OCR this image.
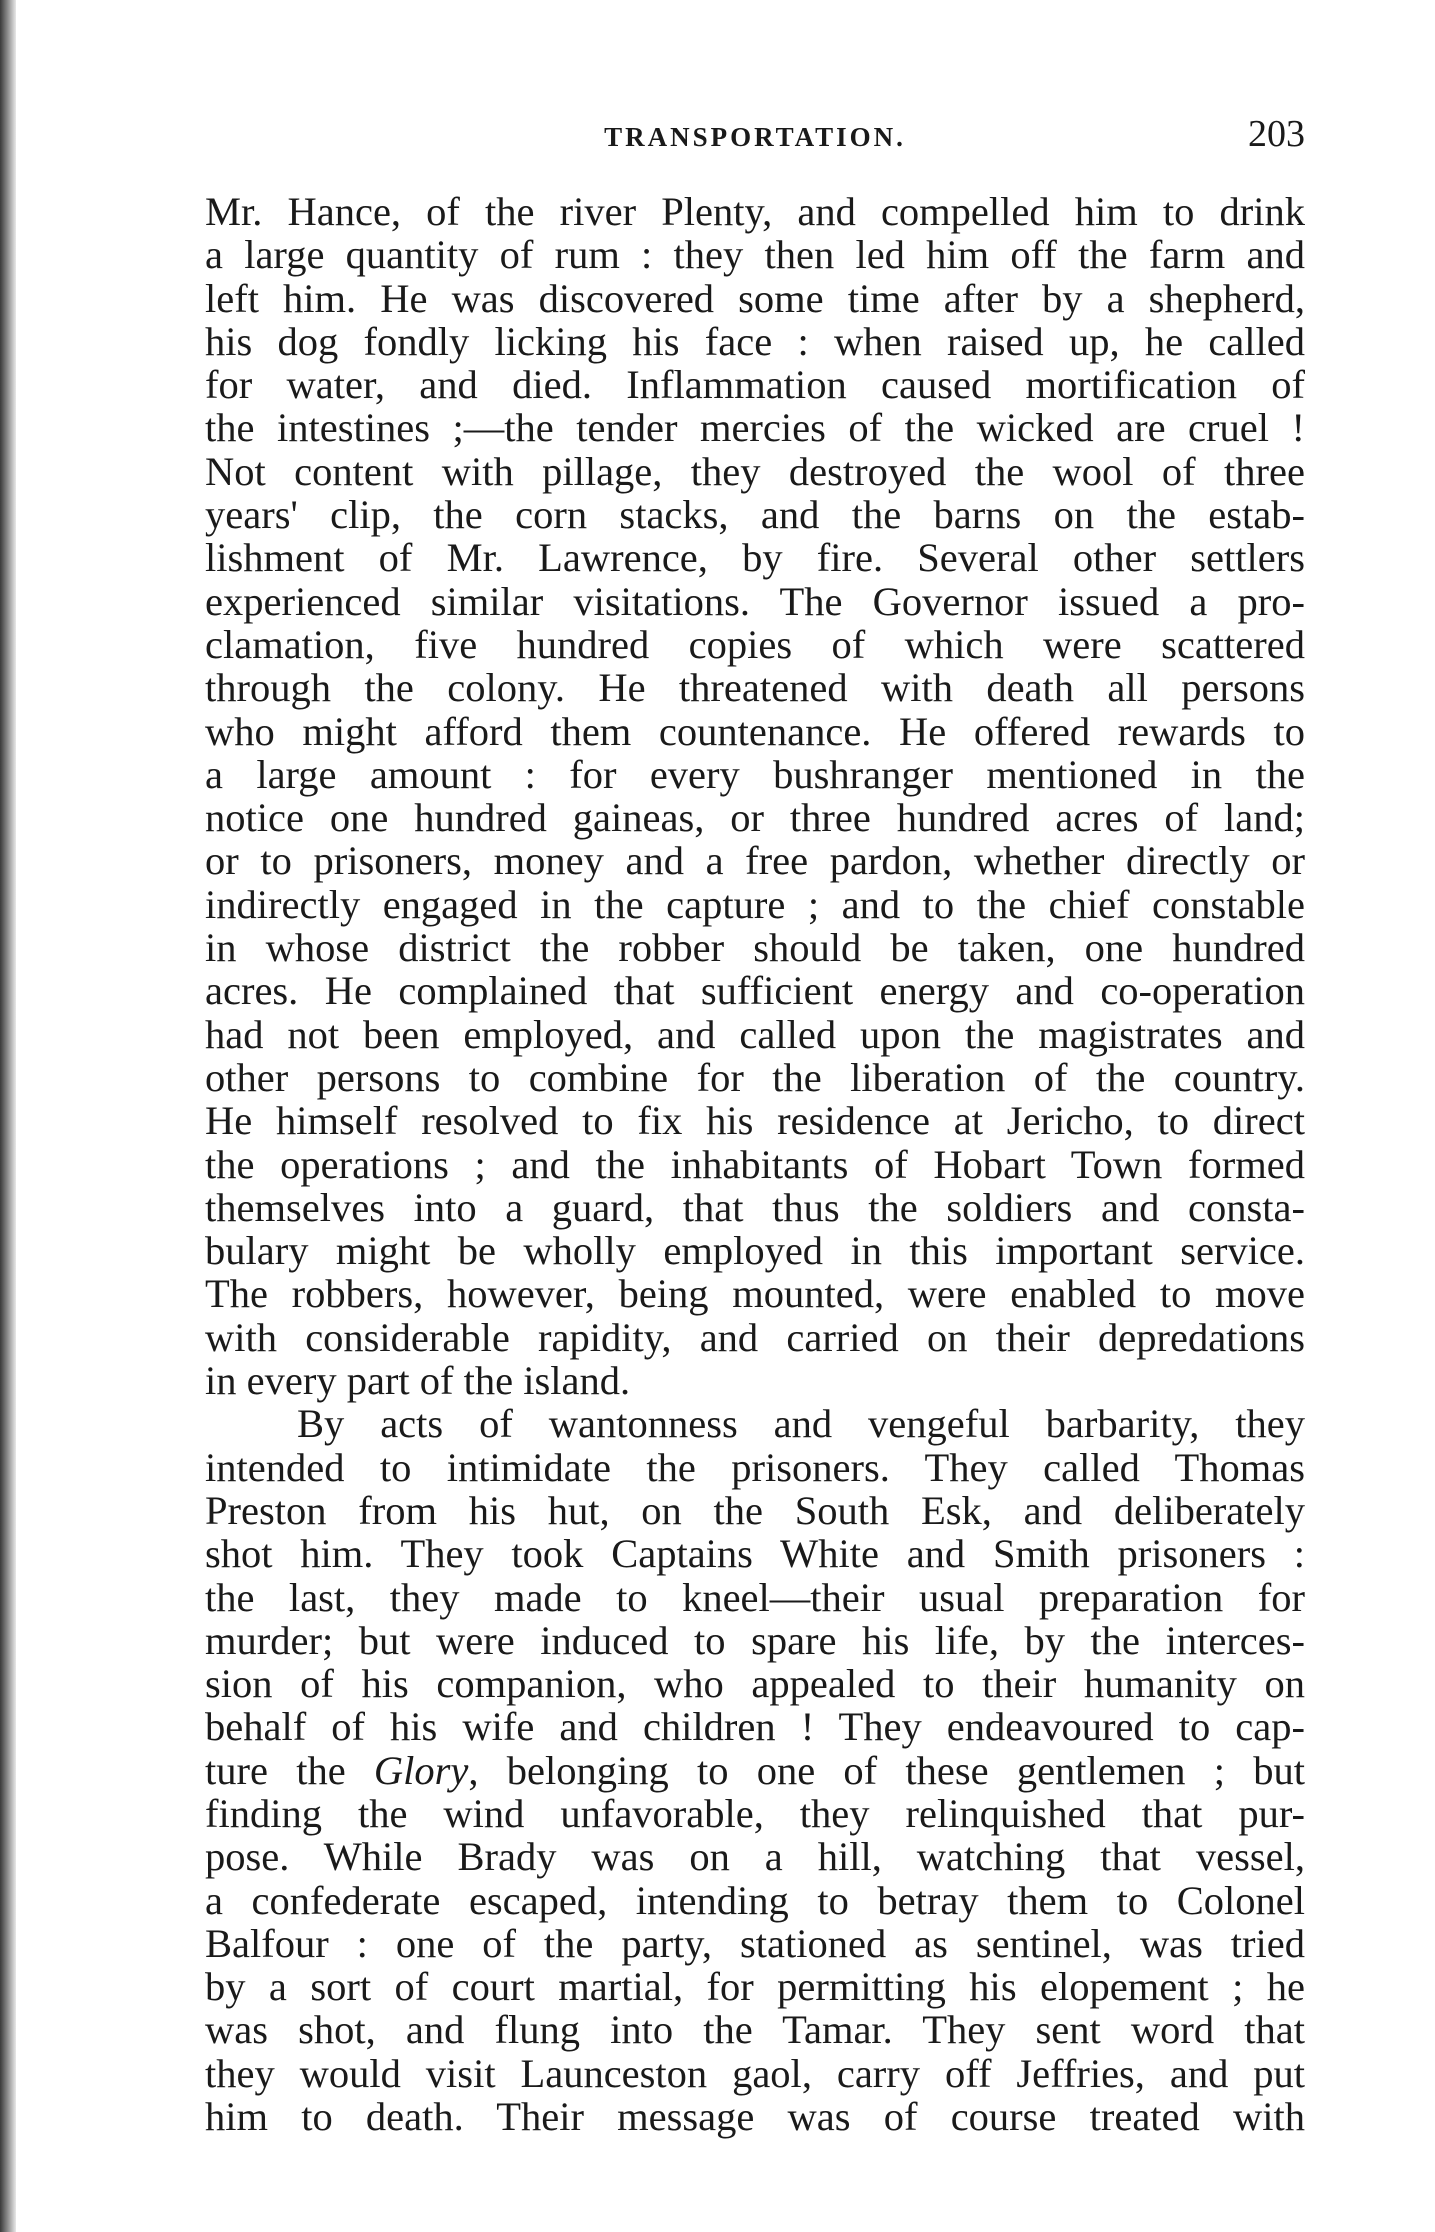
TRANSPORTATION.	203
Mr. Hance, of the river Plenty, and compelled him to drink
a large quantity of rum : they then led him off the farm and
left him. He was discovered some time after by a shepherd,
his dog fondly licking his face : when raised up, he called
for water, and died. Inflammation caused mortification of
the intestines ;—the tender mercies of the wicked are cruel !
Not content with pillage, they destroyed the wool of three
years' clip, the corn stacks, and the barns on the estab-
lishment of Mr. Lawrence, by fire. Several other settlers
experienced similar visitations. The Governor issued a pro-
clamation, five hundred copies of which were scattered
through the colony. He threatened with death all persons
who might afford them countenance. He offered rewards to
a large amount : for every bushranger mentioned in the
notice one hundred gaineas, or three hundred acres of land;
or to prisoners, money and a free pardon, whether directly or
indirectly engaged in the capture ; and to the chief constable
in whose district the robber should be taken, one hundred
acres. He complained that sufficient energy and co-operation
had not been employed, and called upon the magistrates and
other persons to combine for the liberation of the country.
He himself resolved to fix his residence at Jericho, to direct
the operations ; and the inhabitants of Hobart Town formed
themselves into a guard, that thus the soldiers and consta-
bulary might be wholly employed in this important service.
The robbers, however, being mounted, were enabled to move
with considerable rapidity, and carried on their depredations
in every part of the island.
By acts of wantonness and vengeful barbarity, they
intended to intimidate the prisoners. They called Thomas
Preston from his hut, on the South Esk, and deliberately
shot him. They took Captains White and Smith prisoners :
the last, they made to kneel—their usual preparation for
murder; but were induced to spare his life, by the interces-
sion of his companion, who appealed to their humanity on
behalf of his wife and children ! They endeavoured to cap-
ture the Glory, belonging to one of these gentlemen ; but
finding the wind unfavorable, they relinquished that pur-
pose. While Brady was on a hill, watching that vessel,
a confederate escaped, intending to betray them to Colonel
Balfour : one of the party, stationed as sentinel, was tried
by a sort of court martial, for permitting his elopement ; he
was shot, and flung into the Tamar. They sent word that
they would visit Launceston gaol, carry off Jeffries, and put
him to death. Their message was of course treated with
